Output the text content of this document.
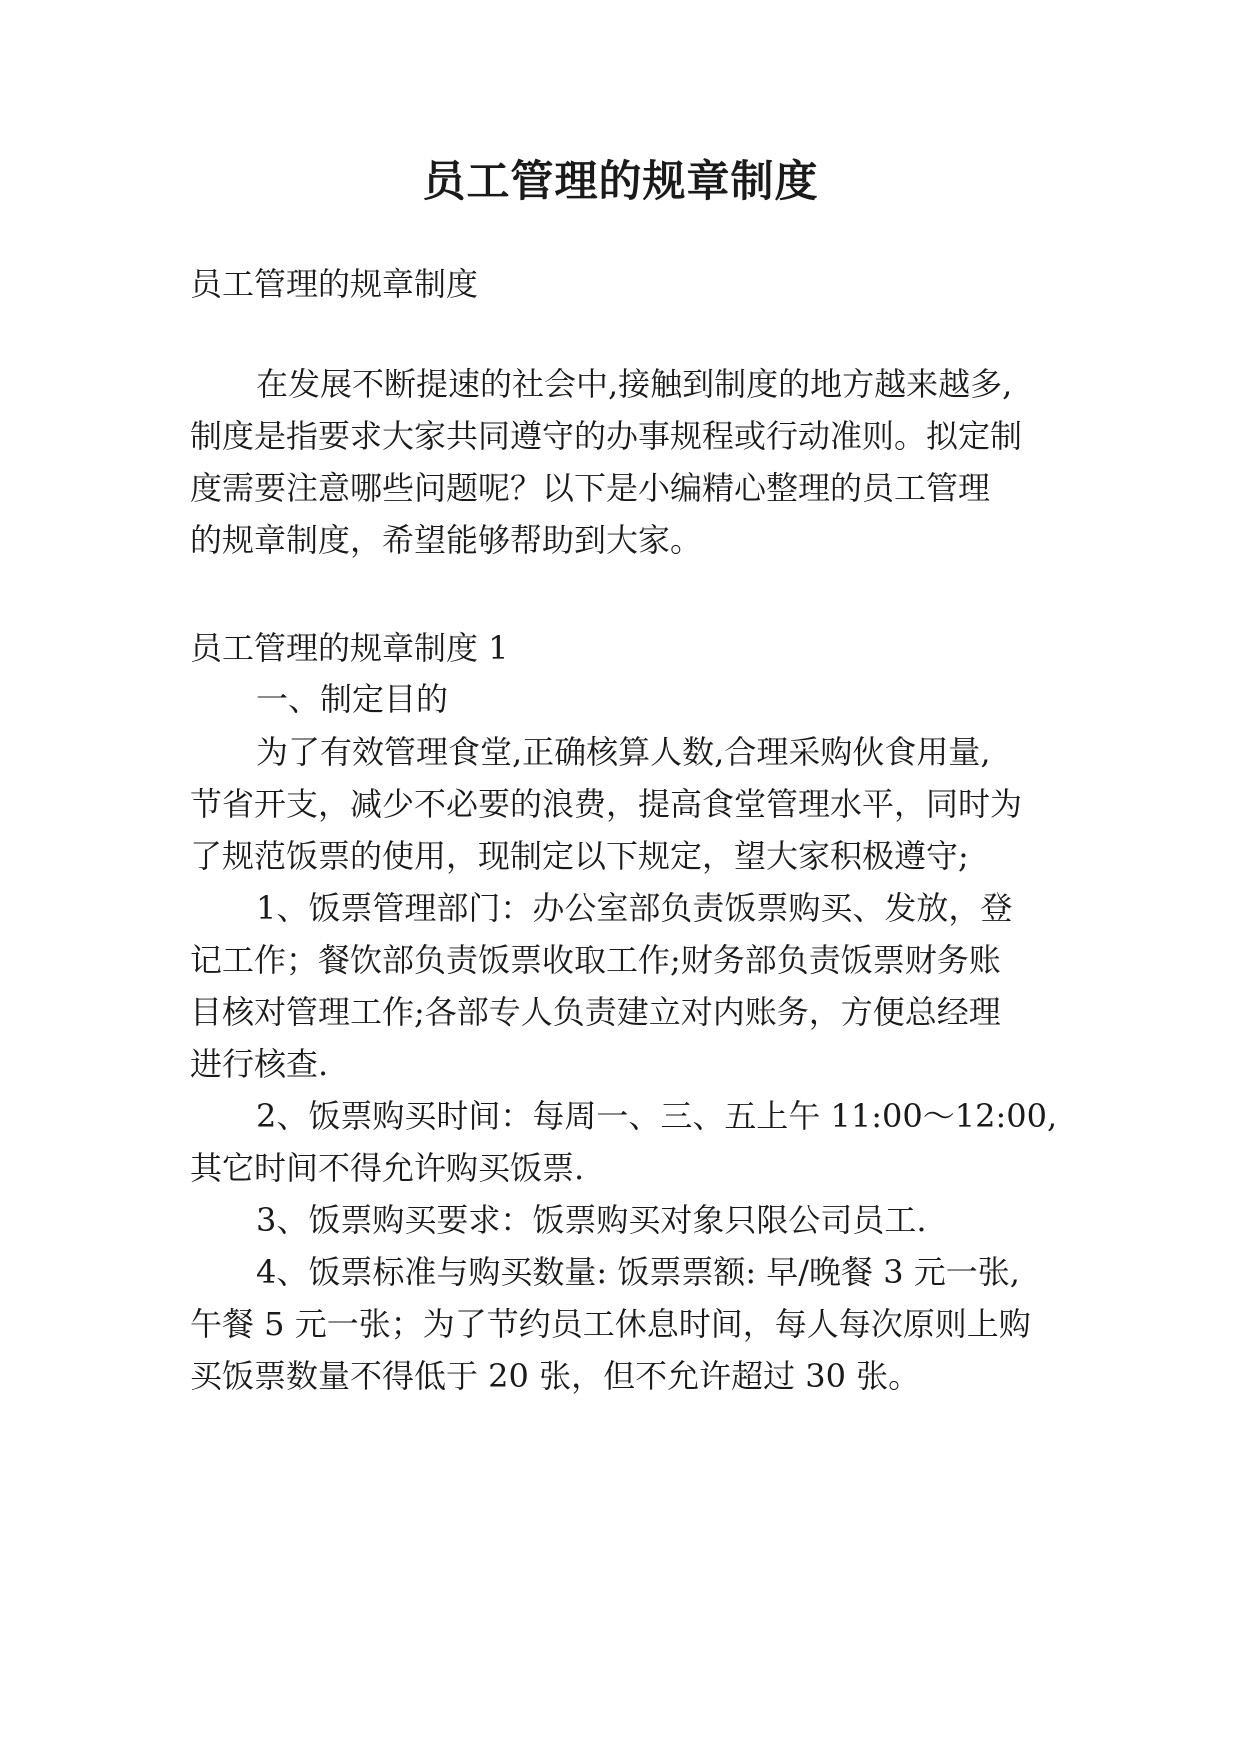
员工管理的规章制度

员工管理的规章制度

在发展不断提速的社会中,接触到制度的地方越来越多,

制度是指要求大家共同遵守的办事规程或行动准则。拟定制

度需要注意哪些问题呢？以下是小编精心整理的员工管理

的规章制度，希望能够帮助到大家。

员工管理的规章制度 1

一、制定目的

为了有效管理食堂,正确核算人数,合理采购伙食用量,

节省开支，减少不必要的浪费，提高食堂管理水平，同时为

了规范饭票的使用，现制定以下规定，望大家积极遵守;

1、饭票管理部门：办公室部负责饭票购买、发放，登

记工作；餐饮部负责饭票收取工作;财务部负责饭票财务账

目核对管理工作;各部专人负责建立对内账务，方便总经理

进行核查.

2、饭票购买时间：每周一、三、五上午 11:00～12:00,

其它时间不得允许购买饭票.

3、饭票购买要求：饭票购买对象只限公司员工.

4、饭票标准与购买数量: 饭票票额: 早/晚餐 3 元一张,

午餐 5 元一张；为了节约员工休息时间，每人每次原则上购

买饭票数量不得低于 20 张，但不允许超过 30 张。
